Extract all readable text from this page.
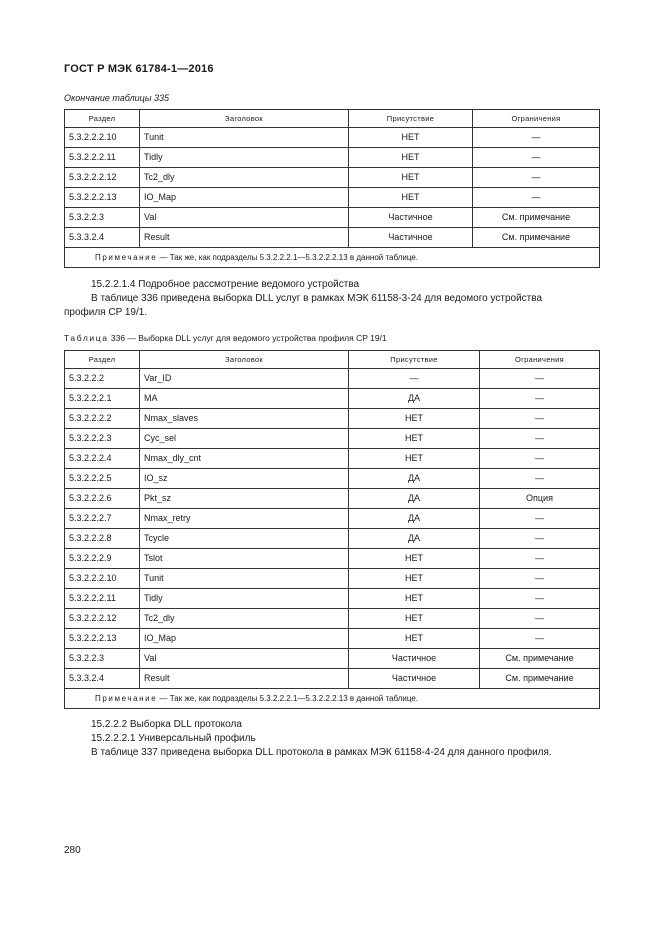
ГОСТ Р МЭК 61784-1—2016
Окончание таблицы 335
Раздел	Заголовок	Присутствие	Ограничения
5.3.2.2.2.10	Tunit	НЕТ	—
5.3.2.2.2.11	Tidly	НЕТ	—
5.3.2.2.2.12	Tc2_dly	НЕТ	—
5.3.2.2.2.13	IO_Map	НЕТ	—
5.3.2.2.3	Val	Частичное	См. примечание
5.3.3.2.4	Result	Частичное	См. примечание
Примечание — Так же, как подразделы 5.3.2.2.2.1—5.3.2.2.2.13 в данной таблице.			
15.2.2.1.4 Подробное рассмотрение ведомого устройства
В таблице 336 приведена выборка DLL услуг в рамках МЭК 61158-3-24 для ведомого устройства
профиля CP 19/1.
Таблица 336 — Выборка DLL услуг для ведомого устройства профиля CP 19/1
Раздел	Заголовок	Присутствие	Ограничения
5.3.2.2.2	Var_ID	—	—
5.3.2.2.2.1	MA	ДА	—
5.3.2.2.2.2	Nmax_slaves	НЕТ	—
5.3.2.2.2.3	Cyc_sel	НЕТ	—
5.3.2.2.2.4	Nmax_dly_cnt	НЕТ	—
5.3.2.2.2.5	IO_sz	ДА	—
5.3.2.2.2.6	Pkt_sz	ДА	Опция
5.3.2.2.2.7	Nmax_retry	ДА	—
5.3.2.2.2.8	Tcycle	ДА	—
5.3.2.2.2.9	Tslot	НЕТ	—
5.3.2.2.2.10	Tunit	НЕТ	—
5.3.2.2.2.11	Tidly	НЕТ	—
5.3.2.2.2.12	Tc2_dly	НЕТ	—
5.3.2.2.2.13	IO_Map	НЕТ	—
5.3.2.2.3	Val	Частичное	См. примечание
5.3.3.2.4	Result	Частичное	См. примечание
Примечание — Так же, как подразделы 5.3.2.2.2.1—5.3.2.2.2.13 в данной таблице.			
15.2.2.2 Выборка DLL протокола
15.2.2.2.1 Универсальный профиль
В таблице 337 приведена выборка DLL протокола в рамках МЭК 61158-4-24 для данного профиля.
280
